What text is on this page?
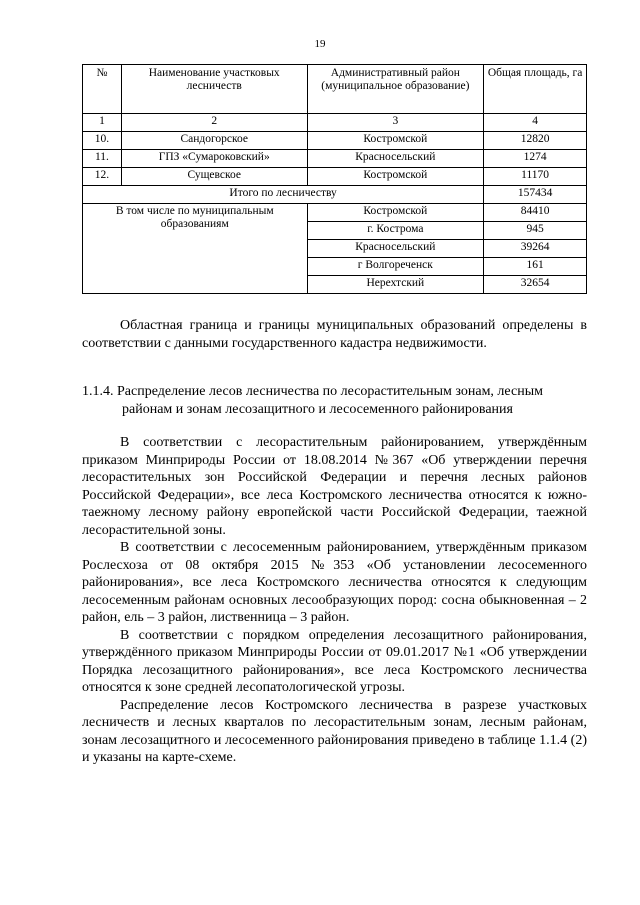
19
№	Наименование участковых лесничеств	Административный район (муниципальное образование)	Общая площадь, га
1	2	3	4
10.	Сандогорское	Костромской	12820
11.	ГПЗ «Сумароковский»	Красносельский	1274
12.	Сущевское	Костромской	11170
Итого по лесничеству			157434
В том числе по муниципальным образованиям		Костромской	84410
		г. Кострома	945
		Красносельский	39264
		г Волгореченск	161
		Нерехтский	32654

Областная граница и границы муниципальных образований определены в соответствии с данными государственного кадастра недвижимости.

1.1.4. Распределение лесов лесничества по лесорастительным зонам, лесным
районам и зонам лесозащитного и лесосеменного районирования

В соответствии с лесорастительным районированием, утверждённым приказом Минприроды России от 18.08.2014 №367 «Об утверждении перечня лесорастительных зон Российской Федерации и перечня лесных районов Российской Федерации», все леса Костромского лесничества относятся к южно-таежному лесному району европейской части Российской Федерации, таежной лесорастительной зоны.

В соответствии с лесосеменным районированием, утверждённым приказом Рослесхоза от 08 октября 2015 №353 «Об установлении лесосеменного районирования», все леса Костромского лесничества относятся к следующим лесосеменным районам основных лесообразующих пород: сосна обыкновенная – 2 район, ель – 3 район, лиственница – 3 район.

В соответствии с порядком определения лесозащитного районирования, утверждённого приказом Минприроды России от 09.01.2017 №1 «Об утверждении Порядка лесозащитного районирования», все леса Костромского лесничества относятся к зоне средней лесопатологической угрозы.

Распределение лесов Костромского лесничества в разрезе участковых лесничеств и лесных кварталов по лесорастительным зонам, лесным районам, зонам лесозащитного и лесосеменного районирования приведено в таблице 1.1.4 (2) и указаны на карте-схеме.
